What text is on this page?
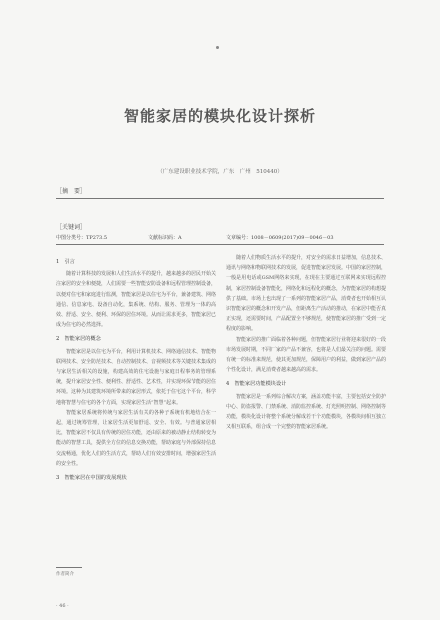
智能家居的模块化设计探析
（广东建设职业技术学院，广东　广州　510440）
［摘　要］
［关键词］
中图分类号：TP273.5	文献标识码：A	文章编号：1008－0609(2017)09－0046－03
1　引言

随着计算科技的发展和人们生活水平的提升，越来越多的居民开始关注家居的安全和便捷，人们需要一些智能安防设备和远程管理控制设备，以便对住宅和家庭进行监测，智能家居是以住宅为平台，兼备建筑、网络通信、信息家电、设备自动化，集系统、结构、服务、管理为一体的高效、舒适、安全、便利、环保的居住环境。从而让需求更多，智能家居已成为住宅的必然选择。

2　智能家居的概念

智能家居是以住宅为平台，利用计算机技术、网络通信技术、智能物联网技术、安全防范技术、自动控制技术、音视频技术等关键技术集成的与家居生活相关的设施，构建高效的住宅设施与家庭日程事务的管理系统，提升家居安全性、便利性、舒适性、艺术性，并实现环保节能的居住环境。这种为其建筑环境所带来的家居形式，依托于住宅这个平台，科学地将智慧与住宅的各个方面，实现家居生活“智慧”起来。

智能家居系统将传统与家居生活有关的各种子系统有机地结合在一起，通过统筹管理，让家居生活更加舒适、安全、有效。与普通家居相比，智能家居不仅具有传统的居住功能，还由原来的被动静止结构转变为能动的智慧工具，提供全方位的信息交换功能，帮助家庭与外部保持信息交流畅通，优化人们的生活方式，帮助人们有效安排时间，增强家居生活的安全性。

3　智能家居在中国的发展现状

随着人们物质生活水平的提升，对安全的需求日益增加，信息技术、通讯与网络和物联网技术的发展，促进智能家居发展。中国的家居控制，一般是用电话或GSM网络来实现，在现在主要通过互联网来实现远程控制，家居控制设备智能化，网络化和远程化的概念，为智能家居的构想提供了基础。市场上也出现了一系列的智能家居产品，消费者也开始相互认识智能家居的概念和开发产品，但距离生产活动的推动，在家居中能否真正实现，还需要时间，产品配置全不够规范，使智能家居的推广受到一定程度的影响。

智能家居的推广面临着各种问题，但智能家居行业将迎来很好的一段市场发展时期，不同厂家的产品不兼容，也将是人们最关注的问题。需要有统一的标准来规范，使其更加规范，保障用户的利益，做到家居产品的个性化设计，满足消费者越来越高的需求。

4　智能家居功能模块设计

智能家居是一系列综合解决方案，涵盖功能丰富，主要包括安全防护中心、防盗报警、门禁系统、消防监控系统、灯光照明控制、网络控制等功能，模块化设计将整个系统分解成若干个功能模块，各模块间相互独立又相互联系，组合成一个完整的智能家居系统。

作者简介
· 46 ·
